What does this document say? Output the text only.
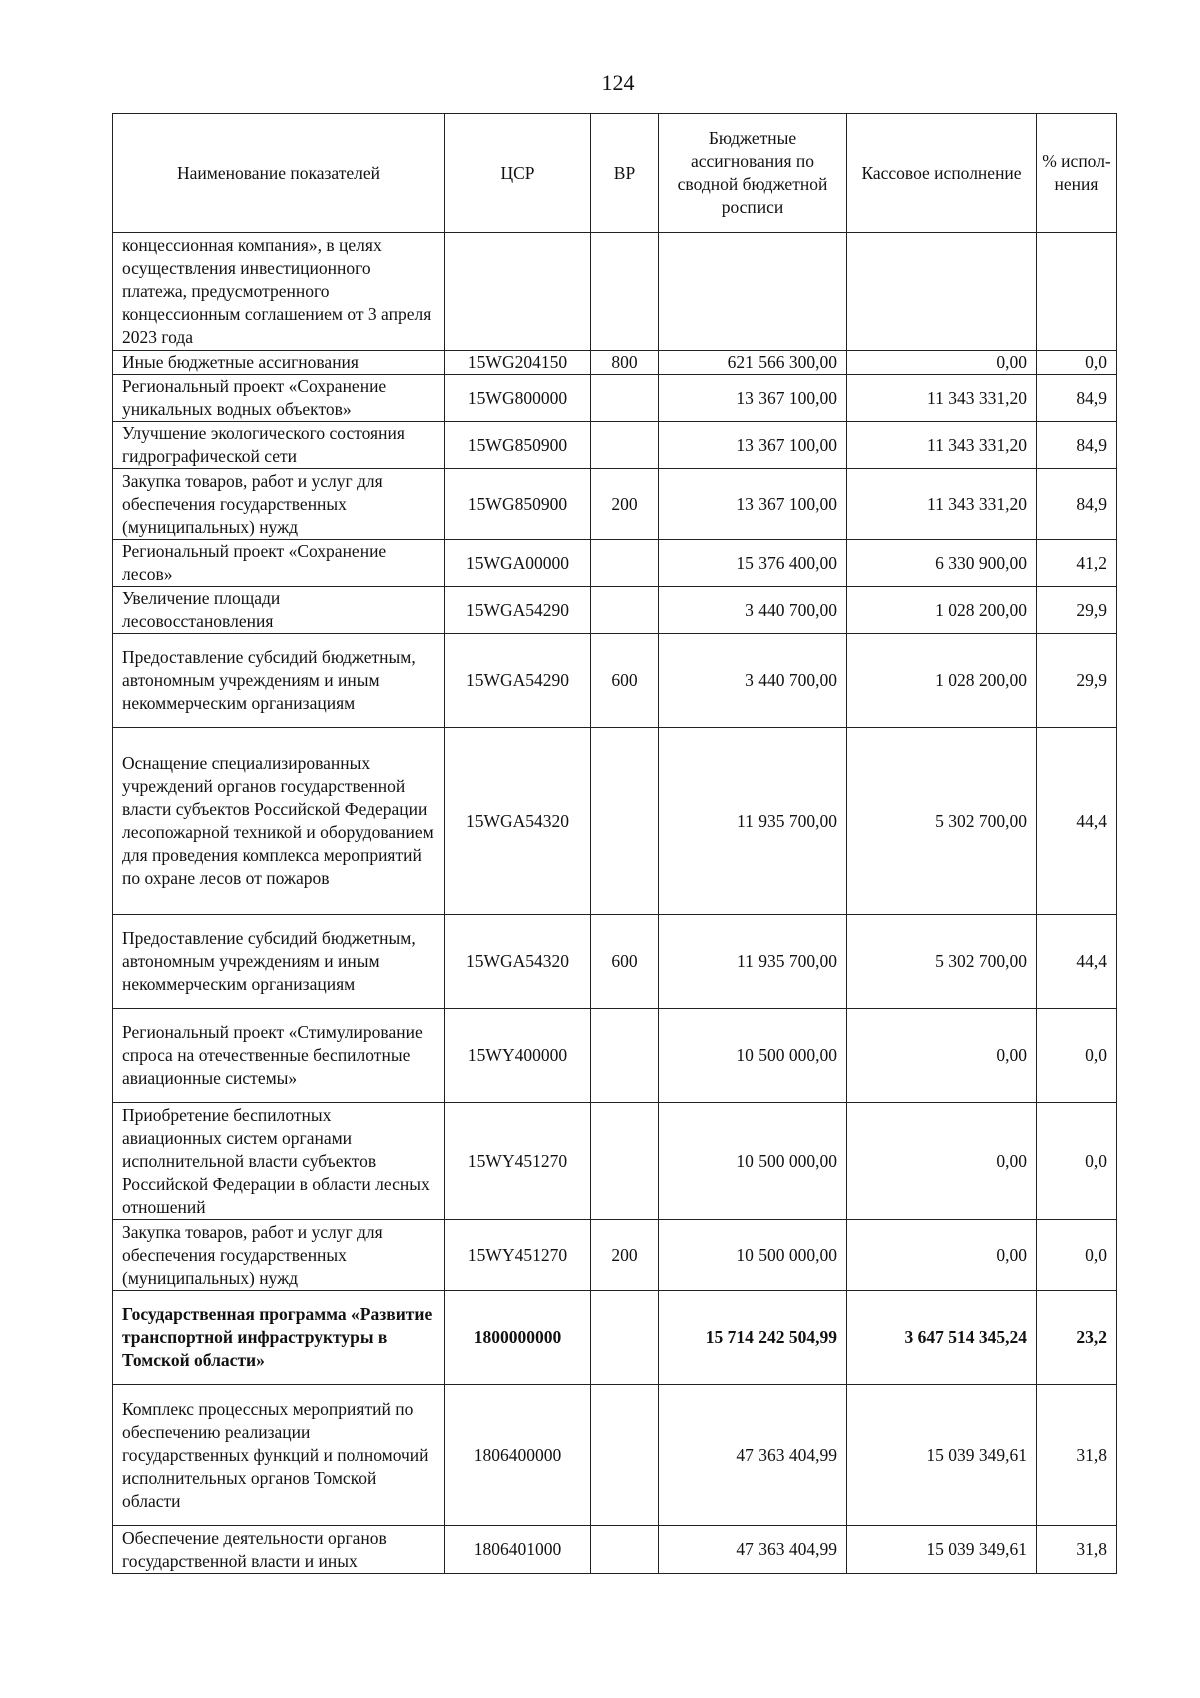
124
Наименование показателей	ЦСР	ВР	Бюджетные ассигнования по сводной бюджетной росписи	Кассовое исполнение	% испол-нения
концессионная компания», в целях осуществления инвестиционного платежа, предусмотренного концессионным соглашением от 3 апреля 2023 года					
Иные бюджетные ассигнования	15WG204150	800	621 566 300,00	0,00	0,0
Региональный проект «Сохранение уникальных водных объектов»	15WG800000		13 367 100,00	11 343 331,20	84,9
Улучшение экологического состояния гидрографической сети	15WG850900		13 367 100,00	11 343 331,20	84,9
Закупка товаров, работ и услуг для обеспечения государственных (муниципальных) нужд	15WG850900	200	13 367 100,00	11 343 331,20	84,9
Региональный проект «Сохранение лесов»	15WGA00000		15 376 400,00	6 330 900,00	41,2
Увеличение площади лесовосстановления	15WGA54290		3 440 700,00	1 028 200,00	29,9
Предоставление субсидий бюджетным, автономным учреждениям и иным некоммерческим организациям	15WGA54290	600	3 440 700,00	1 028 200,00	29,9
Оснащение специализированных учреждений органов государственной власти субъектов Российской Федерации лесопожарной техникой и оборудованием для проведения комплекса мероприятий по охране лесов от пожаров	15WGA54320		11 935 700,00	5 302 700,00	44,4
Предоставление субсидий бюджетным, автономным учреждениям и иным некоммерческим организациям	15WGA54320	600	11 935 700,00	5 302 700,00	44,4
Региональный проект «Стимулирование спроса на отечественные беспилотные авиационные системы»	15WY400000		10 500 000,00	0,00	0,0
Приобретение беспилотных авиационных систем органами исполнительной власти субъектов Российской Федерации в области лесных отношений	15WY451270		10 500 000,00	0,00	0,0
Закупка товаров, работ и услуг для обеспечения государственных (муниципальных) нужд	15WY451270	200	10 500 000,00	0,00	0,0
Государственная программа «Развитие транспортной инфраструктуры в Томской области»	1800000000		15 714 242 504,99	3 647 514 345,24	23,2
Комплекс процессных мероприятий по обеспечению реализации государственных функций и полномочий исполнительных органов Томской области	1806400000		47 363 404,99	15 039 349,61	31,8
Обеспечение деятельности органов государственной власти и иных	1806401000		47 363 404,99	15 039 349,61	31,8
